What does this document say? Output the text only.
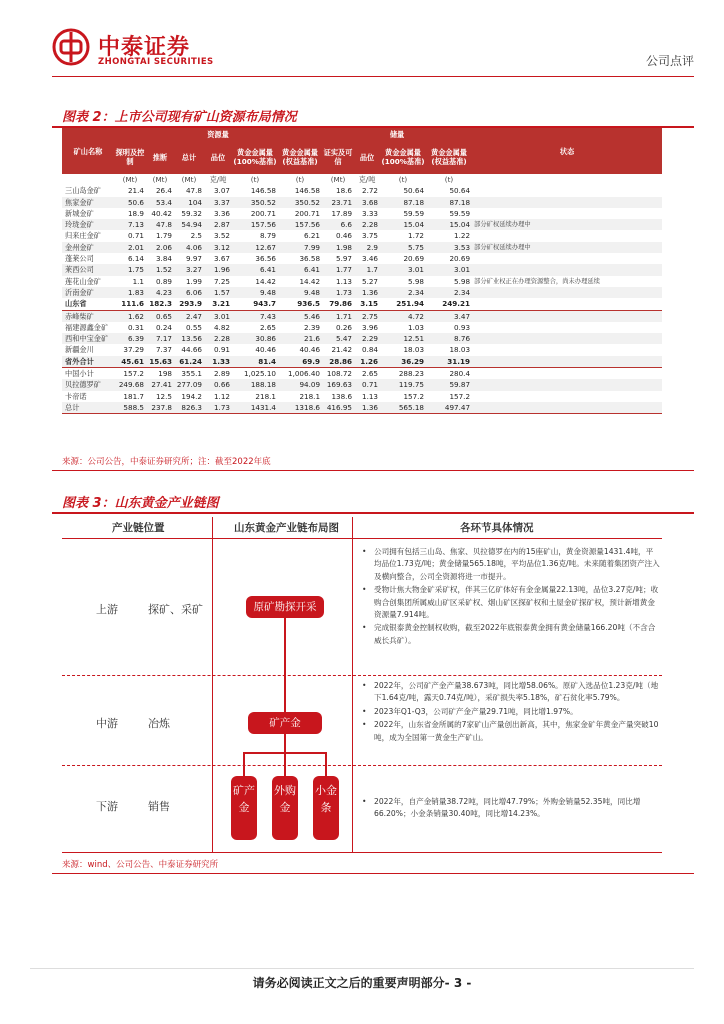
中泰证券
ZHONGTAI SECURITIES	公司点评
图表 2：上市公司现有矿山资源布局情况
矿山名称	资源量						储量				状态
	探明及控制	推断	总计	品位	黄金金属量(100%基准)	黄金金属量(权益基准)	证实及可信	品位	黄金金属量(100%基准)	黄金金属量(权益基准)	
	(Mt)	(Mt)	(Mt)	克/吨	(t)	(t)	(Mt)	克/吨	(t)	(t)	
三山岛金矿	21.4	26.4	47.8	3.07	146.58	146.58	18.6	2.72	50.64	50.64	
焦家金矿	50.6	53.4	104	3.37	350.52	350.52	23.71	3.68	87.18	87.18	
新城金矿	18.9	40.42	59.32	3.36	200.71	200.71	17.89	3.33	59.59	59.59	
玲珑金矿	7.13	47.8	54.94	2.87	157.56	157.56	6.6	2.28	15.04	15.04	部分矿权延续办理中
归来庄金矿	0.71	1.79	2.5	3.52	8.79	6.21	0.46	3.75	1.72	1.22	
金州金矿	2.01	2.06	4.06	3.12	12.67	7.99	1.98	2.9	5.75	3.53	部分矿权延续办理中
蓬莱公司	6.14	3.84	9.97	3.67	36.56	36.58	5.97	3.46	20.69	20.69	
莱西公司	1.75	1.52	3.27	1.96	6.41	6.41	1.77	1.7	3.01	3.01	
莲花山金矿	1.1	0.89	1.99	7.25	14.42	14.42	1.13	5.27	5.98	5.98	部分矿业权正在办理资源整合，尚未办理延续
沂南金矿	1.83	4.23	6.06	1.57	9.48	9.48	1.73	1.36	2.34	2.34	
山东省	111.6	182.3	293.9	3.21	943.7	936.5	79.86	3.15	251.94	249.21	
赤峰柴矿	1.62	0.65	2.47	3.01	7.43	5.46	1.71	2.75	4.72	3.47	
福建源鑫金矿	0.31	0.24	0.55	4.82	2.65	2.39	0.26	3.96	1.03	0.93	
西和中宝金矿	6.39	7.17	13.56	2.28	30.86	21.6	5.47	2.29	12.51	8.76	
新疆金川	37.29	7.37	44.66	0.91	40.46	40.46	21.42	0.84	18.03	18.03	
省外合计	45.61	15.63	61.24	1.33	81.4	69.9	28.86	1.26	36.29	31.19	
中国小计	157.2	198	355.1	2.89	1,025.10	1,006.40	108.72	2.65	288.23	280.4	
贝拉德罗矿	249.68	27.41	277.09	0.66	188.18	94.09	169.63	0.71	119.75	59.87	
卡帝诺	181.7	12.5	194.2	1.12	218.1	218.1	138.6	1.13	157.2	157.2	
总计	588.5	237.8	826.3	1.73	1431.4	1318.6	416.95	1.36	565.18	497.47	
来源：公司公告，中泰证券研究所；注：截至2022年底
图表 3：山东黄金产业链图
产业链位置	山东黄金产业链布局图	各环节具体情况
上游	探矿、采矿	原矿勘探开采
中游	冶炼	矿产金
下游	销售
矿产金
外购金
小金条
• 公司拥有包括三山岛、焦家、贝拉德罗在内的15座矿山，黄金资源量1431.4吨，平均品位1.73克/吨；黄金储量565.18吨，平均品位1.36克/吨。未来随着集团资产注入及横向整合，公司全资源将进一市提升。
• 受物计焦大物金矿采矿权，伴其三亿矿体好有金金属量22.13吨，品位3.27克/吨；收购合创集团所属威山矿区采矿权、烟山矿区探矿权和土屋金矿探矿权，预计新增黄金资源量7.914吨。
• 完成银泰黄金控制权收购，截至2022年底银泰黄金拥有黄金储量166.20吨（不含合威长兵矿）。
• 2022年，公司矿产金产量38.673吨，同比增58.06%。原矿入选品位1.23克/吨（地下1.64克/吨，露天0.74克/吨），采矿损失率5.18%，矿石贫化率5.79%。
• 2023年Q1-Q3，公司矿产金产量29.71吨，同比增1.97%。
• 2022年，山东省金所属的7家矿山产量创出新高，其中，焦家金矿年黄金产量突破10吨，成为全国第一黄金生产矿山。
• 2022年，自产金销量38.72吨，同比增47.79%；外购金销量52.35吨，同比增66.20%；小金条销量30.40吨，同比增14.23%。
来源：wind、公司公告、中泰证券研究所
请务必阅读正文之后的重要声明部分- 3 -
